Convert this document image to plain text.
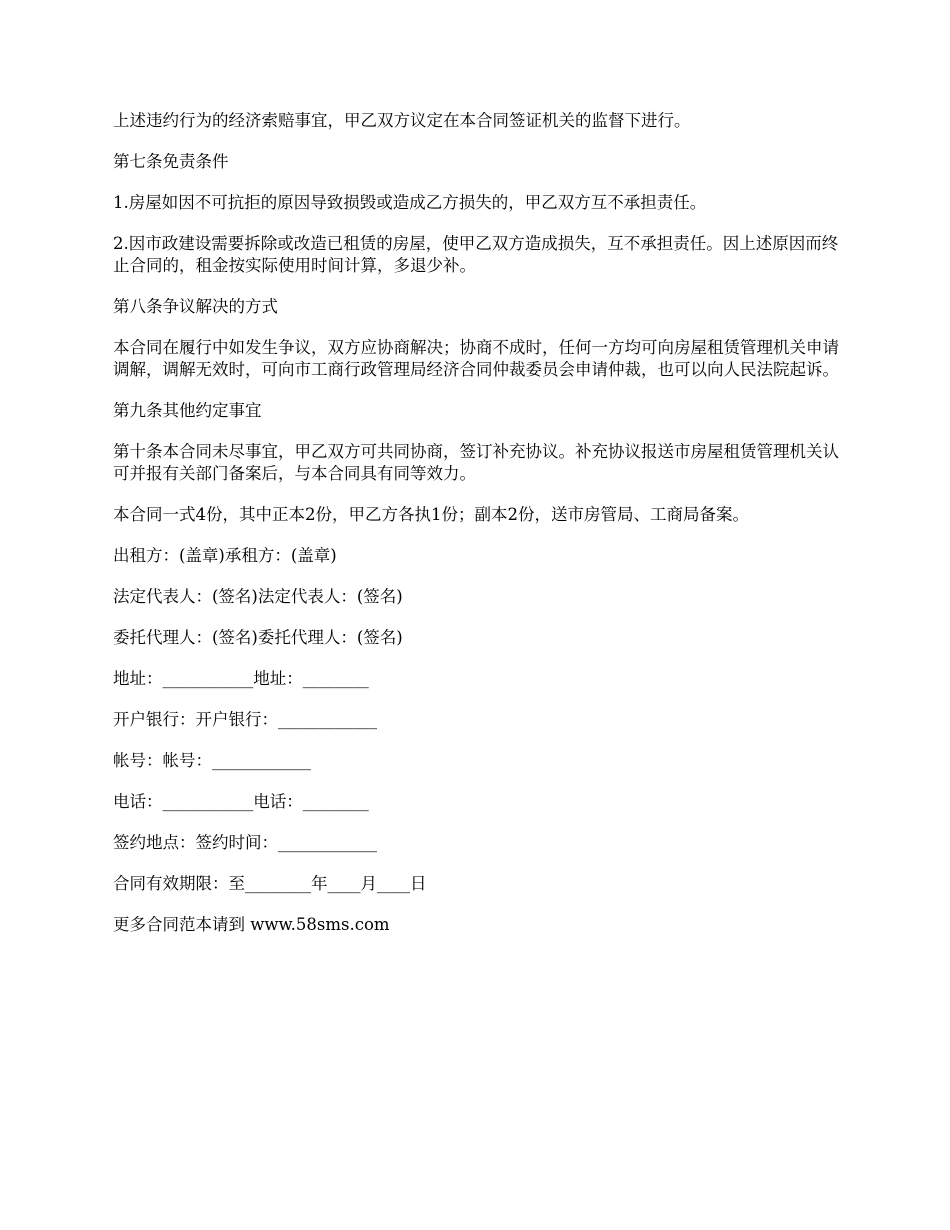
上述违约行为的经济索赔事宜，甲乙双方议定在本合同签证机关的监督下进行。

第七条免责条件

1.房屋如因不可抗拒的原因导致损毁或造成乙方损失的，甲乙双方互不承担责任。

2.因市政建设需要拆除或改造已租赁的房屋，使甲乙双方造成损失，互不承担责任。因上述原因而终止合同的，租金按实际使用时间计算，多退少补。

第八条争议解决的方式

本合同在履行中如发生争议，双方应协商解决；协商不成时，任何一方均可向房屋租赁管理机关申请调解，调解无效时，可向市工商行政管理局经济合同仲裁委员会申请仲裁，也可以向人民法院起诉。

第九条其他约定事宜

第十条本合同未尽事宜，甲乙双方可共同协商，签订补充协议。补充协议报送市房屋租赁管理机关认可并报有关部门备案后，与本合同具有同等效力。

本合同一式4份，其中正本2份，甲乙方各执1份；副本2份，送市房管局、工商局备案。

出租方：(盖章)承租方：(盖章)

法定代表人：(签名)法定代表人：(签名)

委托代理人：(签名)委托代理人：(签名)

地址：___________地址：________

开户银行：开户银行：____________

帐号：帐号：____________

电话：___________电话：________

签约地点：签约时间：____________

合同有效期限：至________年____月____日

更多合同范本请到 www.58sms.com
